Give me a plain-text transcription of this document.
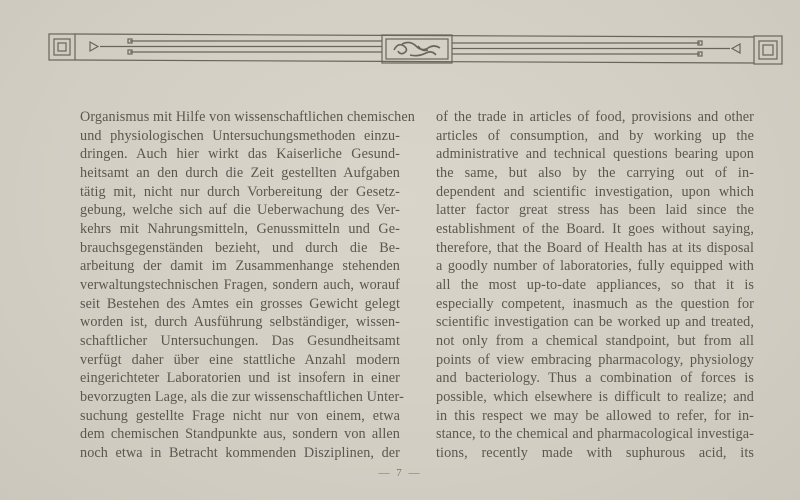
Organismus mit Hilfe von wissenschaftlichen chemischen
und physiologischen Untersuchungsmethoden einzu-
dringen. Auch hier wirkt das Kaiserliche Gesund-
heitsamt an den durch die Zeit gestellten Aufgaben
tätig mit, nicht nur durch Vorbereitung der Gesetz-
gebung, welche sich auf die Ueberwachung des Ver-
kehrs mit Nahrungsmitteln, Genussmitteln und Ge-
brauchsgegenständen bezieht, und durch die Be-
arbeitung der damit im Zusammenhange stehenden
verwaltungstechnischen Fragen, sondern auch, worauf
seit Bestehen des Amtes ein grosses Gewicht gelegt
worden ist, durch Ausführung selbständiger, wissen-
schaftlicher Untersuchungen. Das Gesundheitsamt
verfügt daher über eine stattliche Anzahl modern
eingerichteter Laboratorien und ist insofern in einer
bevorzugten Lage, als die zur wissenschaftlichen Unter-
suchung gestellte Frage nicht nur von einem, etwa
dem chemischen Standpunkte aus, sondern von allen
noch etwa in Betracht kommenden Disziplinen, der
of the trade in articles of food, provisions and other
articles of consumption, and by working up the
administrative and technical questions bearing upon
the same, but also by the carrying out of in-
dependent and scientific investigation, upon which
latter factor great stress has been laid since the
establishment of the Board. It goes without saying,
therefore, that the Board of Health has at its disposal
a goodly number of laboratories, fully equipped with
all the most up-to-date appliances, so that it is
especially competent, inasmuch as the question for
scientific investigation can be worked up and treated,
not only from a chemical standpoint, but from all
points of view embracing pharmacology, physiology
and bacteriology. Thus a combination of forces is
possible, which elsewhere is difficult to realize; and
in this respect we may be allowed to refer, for in-
stance, to the chemical and pharmacological investiga-
tions, recently made with suphurous acid, its
— 7 —
